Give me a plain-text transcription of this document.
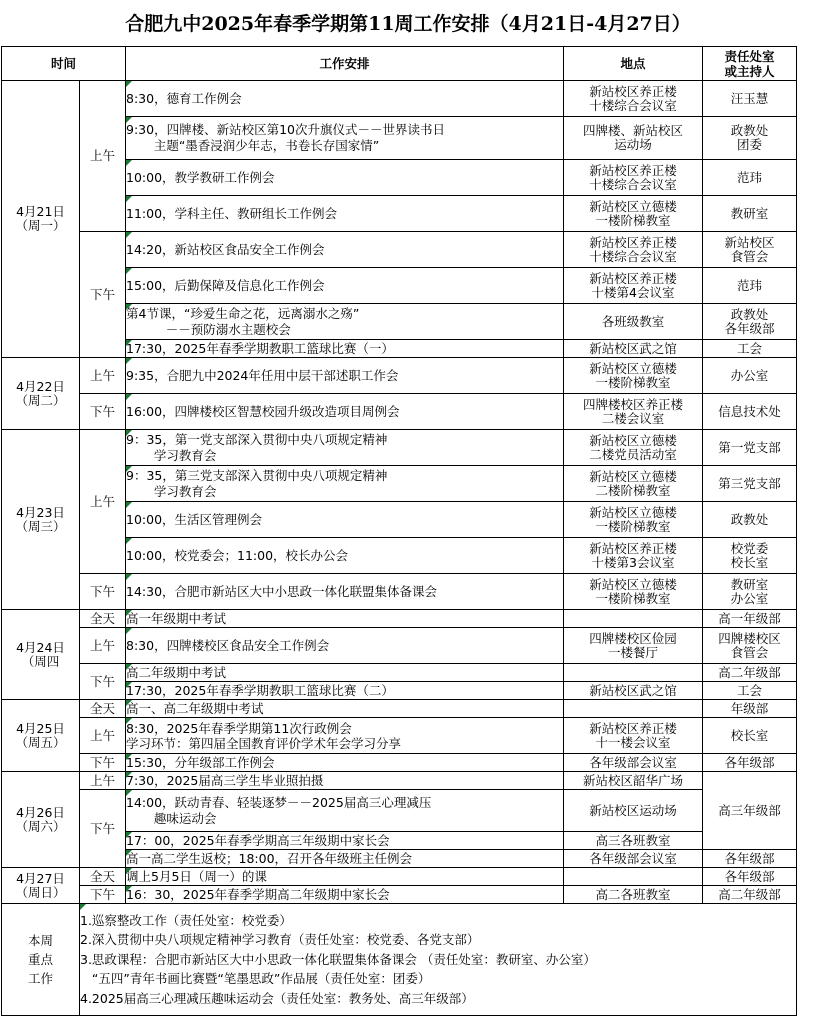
合肥九中2025年春季学期第11周工作安排（4月21日-4月27日）
时间		工作安排	地点	责任处室
或主持人
4月21日
（周一）	上午	8:30，德育工作例会	新站校区养正楼
十楼综合会议室	汪玉慧
		9:30，四牌楼、新站校区第10次升旗仪式－－世界读书日
主题“墨香浸润少年志，书卷长存国家情”	四牌楼、新站校区
运动场	政教处
团委
		10:00，教学教研工作例会	新站校区养正楼
十楼综合会议室	范玮
		11:00，学科主任、教研组长工作例会	新站校区立德楼
一楼阶梯教室	教研室
	下午	14:20，新站校区食品安全工作例会	新站校区养正楼
十楼综合会议室	新站校区
食管会
		15:00，后勤保障及信息化工作例会	新站校区养正楼
十楼第4会议室	范玮
		第4节课，“珍爱生命之花，远离溺水之殇”
－－预防溺水主题校会	各班级教室	政教处
各年级部
		17:30，2025年春季学期教职工篮球比赛（一）	新站校区武之馆	工会
4月22日
（周二）	上午	9:35，合肥九中2024年任用中层干部述职工作会	新站校区立德楼
一楼阶梯教室	办公室
	下午	16:00，四牌楼校区智慧校园升级改造项目周例会	四牌楼校区养正楼
二楼会议室	信息技术处
4月23日
（周三）	上午	9：35，第一党支部深入贯彻中央八项规定精神
学习教育会	新站校区立德楼
二楼党员活动室	第一党支部
		9：35，第三党支部深入贯彻中央八项规定精神
学习教育会	新站校区立德楼
二楼阶梯教室	第三党支部
		10:00，生活区管理例会	新站校区立德楼
一楼阶梯教室	政教处
		10:00，校党委会；11:00，校长办公会	新站校区养正楼
十楼第3会议室	校党委
校长室
	下午	14:30，合肥市新站区大中小思政一体化联盟集体备课会	新站校区立德楼
一楼阶梯教室	教研室
办公室
4月24日
（周四	全天	高一年级期中考试		高一年级部
	上午	8:30，四牌楼校区食品安全工作例会	四牌楼校区俭园
一楼餐厅	四牌楼校区
食管会
	下午	高二年级期中考试		高二年级部
		17:30，2025年春季学期教职工篮球比赛（二）	新站校区武之馆	工会
4月25日
（周五）	全天	高一、高二年级期中考试		年级部
	上午	8:30，2025年春季学期第11次行政例会
学习环节：第四届全国教育评价学术年会学习分享	新站校区养正楼
十一楼会议室	校长室
	下午	15:30，分年级部工作例会	各年级部会议室	各年级部
4月26日
（周六）	上午	7:30，2025届高三学生毕业照拍摄	新站校区韶华广场	高三年级部
	下午	14:00，跃动青春、轻装逐梦－－2025届高三心理减压
趣味运动会	新站校区运动场	

		17：00，2025年春季学期高三年级期中家长会	高三各班教室	
		高一高二学生返校；18:00，召开各年级班主任例会	各年级部会议室	各年级部
4月27日
（周日）	全天	调上5月5日（周一）的课		各年级部
	下午	16：30，2025年春季学期高二年级期中家长会	高二各班教室	高二年级部
本周
重点
工作	1.巡察整改工作（责任处室：校党委）
2.深入贯彻中央八项规定精神学习教育（责任处室：校党委、各党支部）
3.思政课程：合肥市新站区大中小思政一体化联盟集体备课会 （责任处室：教研室、办公室）
“五四”青年书画比赛暨“笔墨思政”作品展（责任处室：团委）
4.2025届高三心理减压趣味运动会（责任处室：教务处、高三年级部）			
